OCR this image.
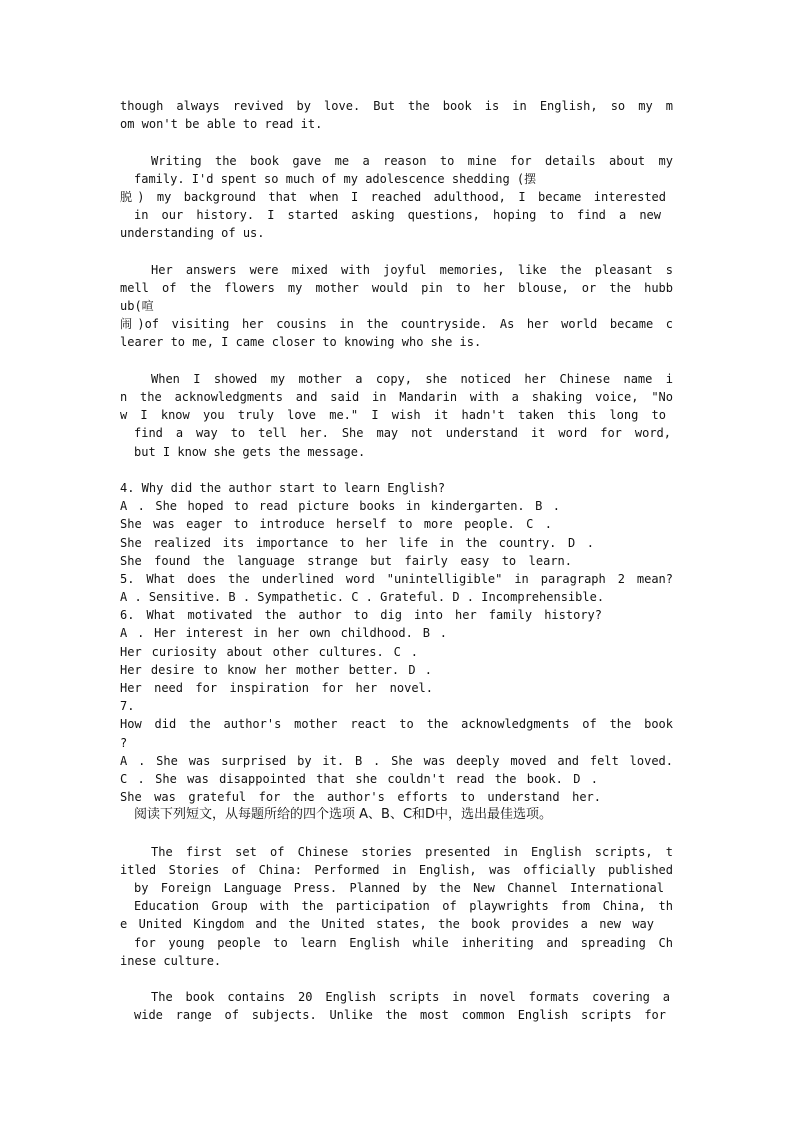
though always revived by love. But the book is in English, so my m
om won't be able to read it.
Writing the book gave me a reason to mine for details about my
family. I'd spent so much of my adolescence shedding (摆
脱) my background that when I reached adulthood, I became interested
in our history. I started asking questions, hoping to find a new
understanding of us.
Her answers were mixed with joyful memories, like the pleasant s
mell of the flowers my mother would pin to her blouse, or the hubb
ub(喧
闹)of visiting her cousins in the countryside. As her world became c
learer to me, I came closer to knowing who she is.
When I showed my mother a copy, she noticed her Chinese name i
n the acknowledgments and said in Mandarin with a shaking voice, "No
w I know you truly love me." I wish it hadn't taken this long to
find a way to tell her. She may not understand it word for word,
but I know she gets the message.
4. Why did the author start to learn English?
A . She hoped to read picture books in kindergarten. B .
She was eager to introduce herself to more people. C .
She realized its importance to her life in the country. D .
She found the language strange but fairly easy to learn.
5. What does the underlined word "unintelligible" in paragraph 2 mean?
A . Sensitive. B . Sympathetic. C . Grateful. D . Incomprehensible.
6. What motivated the author to dig into her family history?
A . Her interest in her own childhood. B .
Her curiosity about other cultures. C .
Her desire to know her mother better. D .
Her need for inspiration for her novel.
7.
How did the author's mother react to the acknowledgments of the book
?
A . She was surprised by it. B . She was deeply moved and felt loved.
C . She was disappointed that she couldn't read the book. D .
She was grateful for the author's efforts to understand her.
阅读下列短文，从每题所给的四个选项 A、B、C和D中，选出最佳选项。
The first set of Chinese stories presented in English scripts, t
itled Stories of China: Performed in English, was officially published
by Foreign Language Press. Planned by the New Channel International
Education Group with the participation of playwrights from China, th
e United Kingdom and the United states, the book provides a new way
for young people to learn English while inheriting and spreading Ch
inese culture.
The book contains 20 English scripts in novel formats covering a
wide range of subjects. Unlike the most common English scripts for
